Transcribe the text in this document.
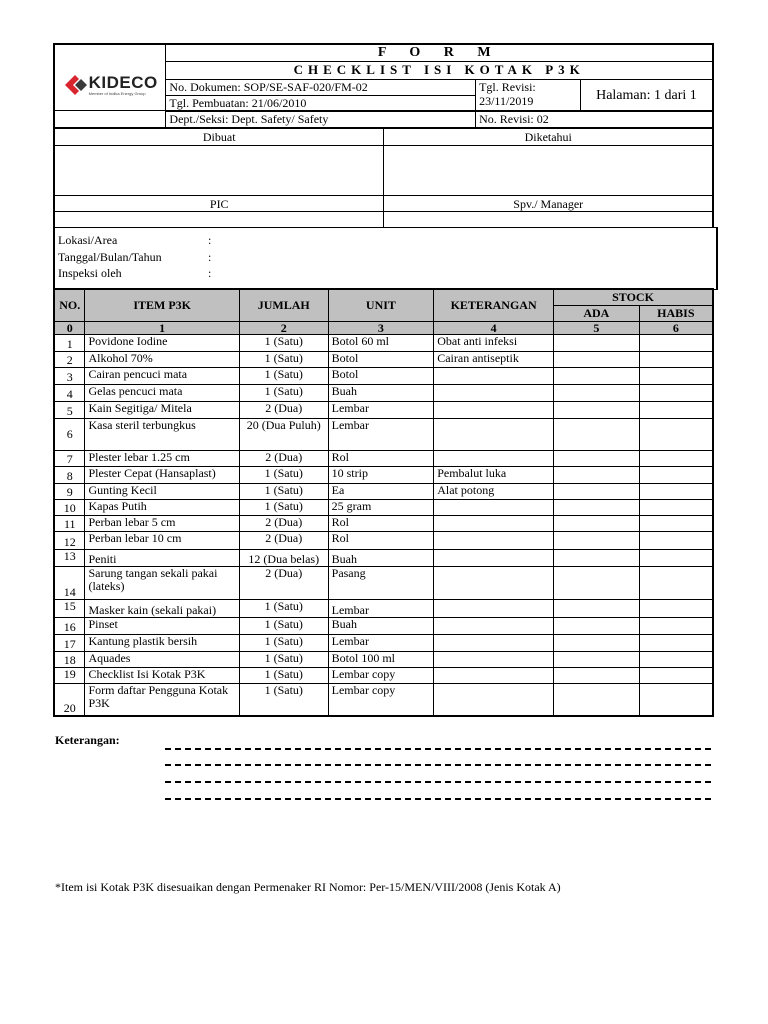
KIDECO
Member of Indika Energy Group	F O R M		
	CHECKLIST ISI KOTAK P3K		
	No. Dokumen: SOP/SE-SAF-020/FM-02	Tgl. Revisi:
23/11/2019	Halaman: 1 dari 1
	Tgl. Pembuatan: 21/06/2010		
	Dept./Seksi: Dept. Safety/ Safety	No. Revisi: 02	

Dibuat	Diketahui

PIC	Spv./ Manager

Lokasi/Area	:
Tanggal/Bulan/Tahun	:
Inspeksi oleh	:
NO.	ITEM P3K	JUMLAH	UNIT	KETERANGAN	STOCK	
					ADA	HABIS
0	1	2	3	4	5	6
1	Povidone Iodine	1 (Satu)	Botol 60 ml	Obat anti infeksi		
2	Alkohol 70%	1 (Satu)	Botol	Cairan antiseptik		
3	Cairan pencuci mata	1 (Satu)	Botol			
4	Gelas pencuci mata	1 (Satu)	Buah			
5	Kain Segitiga/ Mitela	2 (Dua)	Lembar			
6	Kasa steril terbungkus	20 (Dua Puluh)	Lembar			
7	Plester lebar 1.25 cm	2 (Dua)	Rol			
8	Plester Cepat (Hansaplast)	1 (Satu)	10 strip	Pembalut luka		
9	Gunting Kecil	1 (Satu)	Ea	Alat potong		
10	Kapas Putih	1 (Satu)	25 gram			
11	Perban lebar 5 cm	2 (Dua)	Rol			
12	Perban lebar 10 cm	2 (Dua)	Rol			
13	Peniti	12 (Dua belas)	Buah			
14	Sarung tangan sekali pakai (lateks)	2 (Dua)	Pasang			
15	Masker kain (sekali pakai)	1 (Satu)	Lembar			
16	Pinset	1 (Satu)	Buah			
17	Kantung plastik bersih	1 (Satu)	Lembar			
18	Aquades	1 (Satu)	Botol 100 ml			
19	Checklist Isi Kotak P3K	1 (Satu)	Lembar copy			
20	Form daftar Pengguna Kotak P3K	1 (Satu)	Lembar copy			
Keterangan:
*Item isi Kotak P3K disesuaikan dengan Permenaker RI Nomor: Per-15/MEN/VIII/2008 (Jenis Kotak A)
